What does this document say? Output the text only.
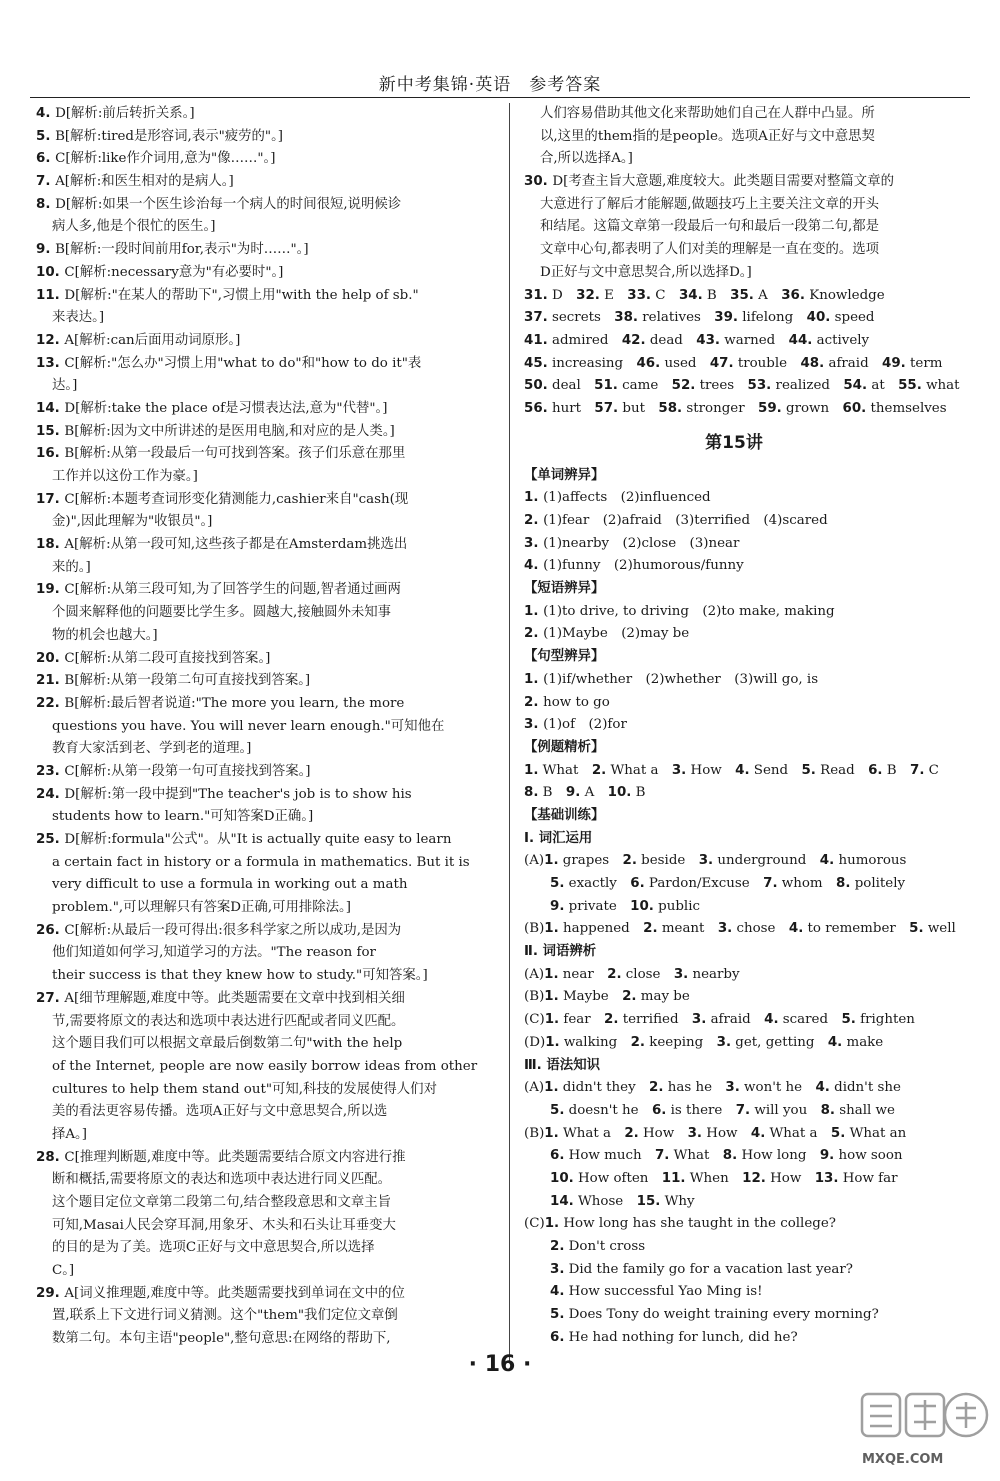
新中考集锦·英语　参考答案
4. D[解析:前后转折关系。]
5. B[解析:tired是形容词,表示"疲劳的"。]
6. C[解析:like作介词用,意为"像……"。]
7. A[解析:和医生相对的是病人。]
8. D[解析:如果一个医生诊治每一个病人的时间很短,说明候诊
病人多,他是个很忙的医生。]
9. B[解析:一段时间前用for,表示"为时……"。]
10. C[解析:necessary意为"有必要时"。]
11. D[解析:"在某人的帮助下",习惯上用"with the help of sb."
来表达。]
12. A[解析:can后面用动词原形。]
13. C[解析:"怎么办"习惯上用"what to do"和"how to do it"表
达。]
14. D[解析:take the place of是习惯表达法,意为"代替"。]
15. B[解析:因为文中所讲述的是医用电脑,和对应的是人类。]
16. B[解析:从第一段最后一句可找到答案。孩子们乐意在那里
工作并以这份工作为豪。]
17. C[解析:本题考查词形变化猜测能力,cashier来自"cash(现
金)",因此理解为"收银员"。]
18. A[解析:从第一段可知,这些孩子都是在Amsterdam挑选出
来的。]
19. C[解析:从第三段可知,为了回答学生的问题,智者通过画两
个圆来解释他的问题要比学生多。圆越大,接触圆外未知事
物的机会也越大。]
20. C[解析:从第二段可直接找到答案。]
21. B[解析:从第一段第二句可直接找到答案。]
22. B[解析:最后智者说道:"The more you learn, the more
questions you have. You will never learn enough."可知他在
教育大家活到老、学到老的道理。]
23. C[解析:从第一段第一句可直接找到答案。]
24. D[解析:第一段中提到"The teacher's job is to show his
students how to learn."可知答案D正确。]
25. D[解析:formula"公式"。从"It is actually quite easy to learn
a certain fact in history or a formula in mathematics. But it is
very difficult to use a formula in working out a math
problem.",可以理解只有答案D正确,可用排除法。]
26. C[解析:从最后一段可得出:很多科学家之所以成功,是因为
他们知道如何学习,知道学习的方法。"The reason for
their success is that they knew how to study."可知答案。]
27. A[细节理解题,难度中等。此类题需要在文章中找到相关细
节,需要将原文的表达和选项中表达进行匹配或者同义匹配。
这个题目我们可以根据文章最后倒数第二句"with the help
of the Internet, people are now easily borrow ideas from other
cultures to help them stand out"可知,科技的发展使得人们对
美的看法更容易传播。选项A正好与文中意思契合,所以选
择A。]
28. C[推理判断题,难度中等。此类题需要结合原文内容进行推
断和概括,需要将原文的表达和选项中表达进行同义匹配。
这个题目定位文章第二段第二句,结合整段意思和文章主旨
可知,Masai人民会穿耳洞,用象牙、木头和石头让耳垂变大
的目的是为了美。选项C正好与文中意思契合,所以选择
C。]
29. A[词义推理题,难度中等。此类题需要找到单词在文中的位
置,联系上下文进行词义猜测。这个"them"我们定位文章倒
数第二句。本句主语"people",整句意思:在网络的帮助下,
人们容易借助其他文化来帮助她们自己在人群中凸显。所
以,这里的them指的是people。选项A正好与文中意思契
合,所以选择A。]
30. D[考查主旨大意题,难度较大。此类题目需要对整篇文章的
大意进行了解后才能解题,做题技巧上主要关注文章的开头
和结尾。这篇文章第一段最后一句和最后一段第二句,都是
文章中心句,都表明了人们对美的理解是一直在变的。选项
D正好与文中意思契合,所以选择D。]
31. D　32. E　33. C　34. B　35. A　36. Knowledge
37. secrets　38. relatives　39. lifelong　40. speed
41. admired　42. dead　43. warned　44. actively
45. increasing　46. used　47. trouble　48. afraid　49. term
50. deal　51. came　52. trees　53. realized　54. at　55. what
56. hurt　57. but　58. stronger　59. grown　60. themselves
第15讲
【单词辨异】
1. (1)affects　(2)influenced
2. (1)fear　(2)afraid　(3)terrified　(4)scared
3. (1)nearby　(2)close　(3)near
4. (1)funny　(2)humorous/funny
【短语辨异】
1. (1)to drive, to driving　(2)to make, making
2. (1)Maybe　(2)may be
【句型辨异】
1. (1)if/whether　(2)whether　(3)will go, is
2. how to go
3. (1)of　(2)for
【例题精析】
1. What　2. What a　3. How　4. Send　5. Read　6. B　7. C
8. B　9. A　10. B
【基础训练】
Ⅰ. 词汇运用
(A)1. grapes　2. beside　3. underground　4. humorous
5. exactly　6. Pardon/Excuse　7. whom　8. politely
9. private　10. public
(B)1. happened　2. meant　3. chose　4. to remember　5. well
Ⅱ. 词语辨析
(A)1. near　2. close　3. nearby
(B)1. Maybe　2. may be
(C)1. fear　2. terrified　3. afraid　4. scared　5. frighten
(D)1. walking　2. keeping　3. get, getting　4. make
Ⅲ. 语法知识
(A)1. didn't they　2. has he　3. won't he　4. didn't she
5. doesn't he　6. is there　7. will you　8. shall we
(B)1. What a　2. How　3. How　4. What a　5. What an
6. How much　7. What　8. How long　9. how soon
10. How often　11. When　12. How　13. How far
14. Whose　15. Why
(C)1. How long has she taught in the college?
2. Don't cross
3. Did the family go for a vacation last year?
4. How successful Yao Ming is!
5. Does Tony do weight training every morning?
6. He had nothing for lunch, did he?
· 16 ·
MXQE.COM
